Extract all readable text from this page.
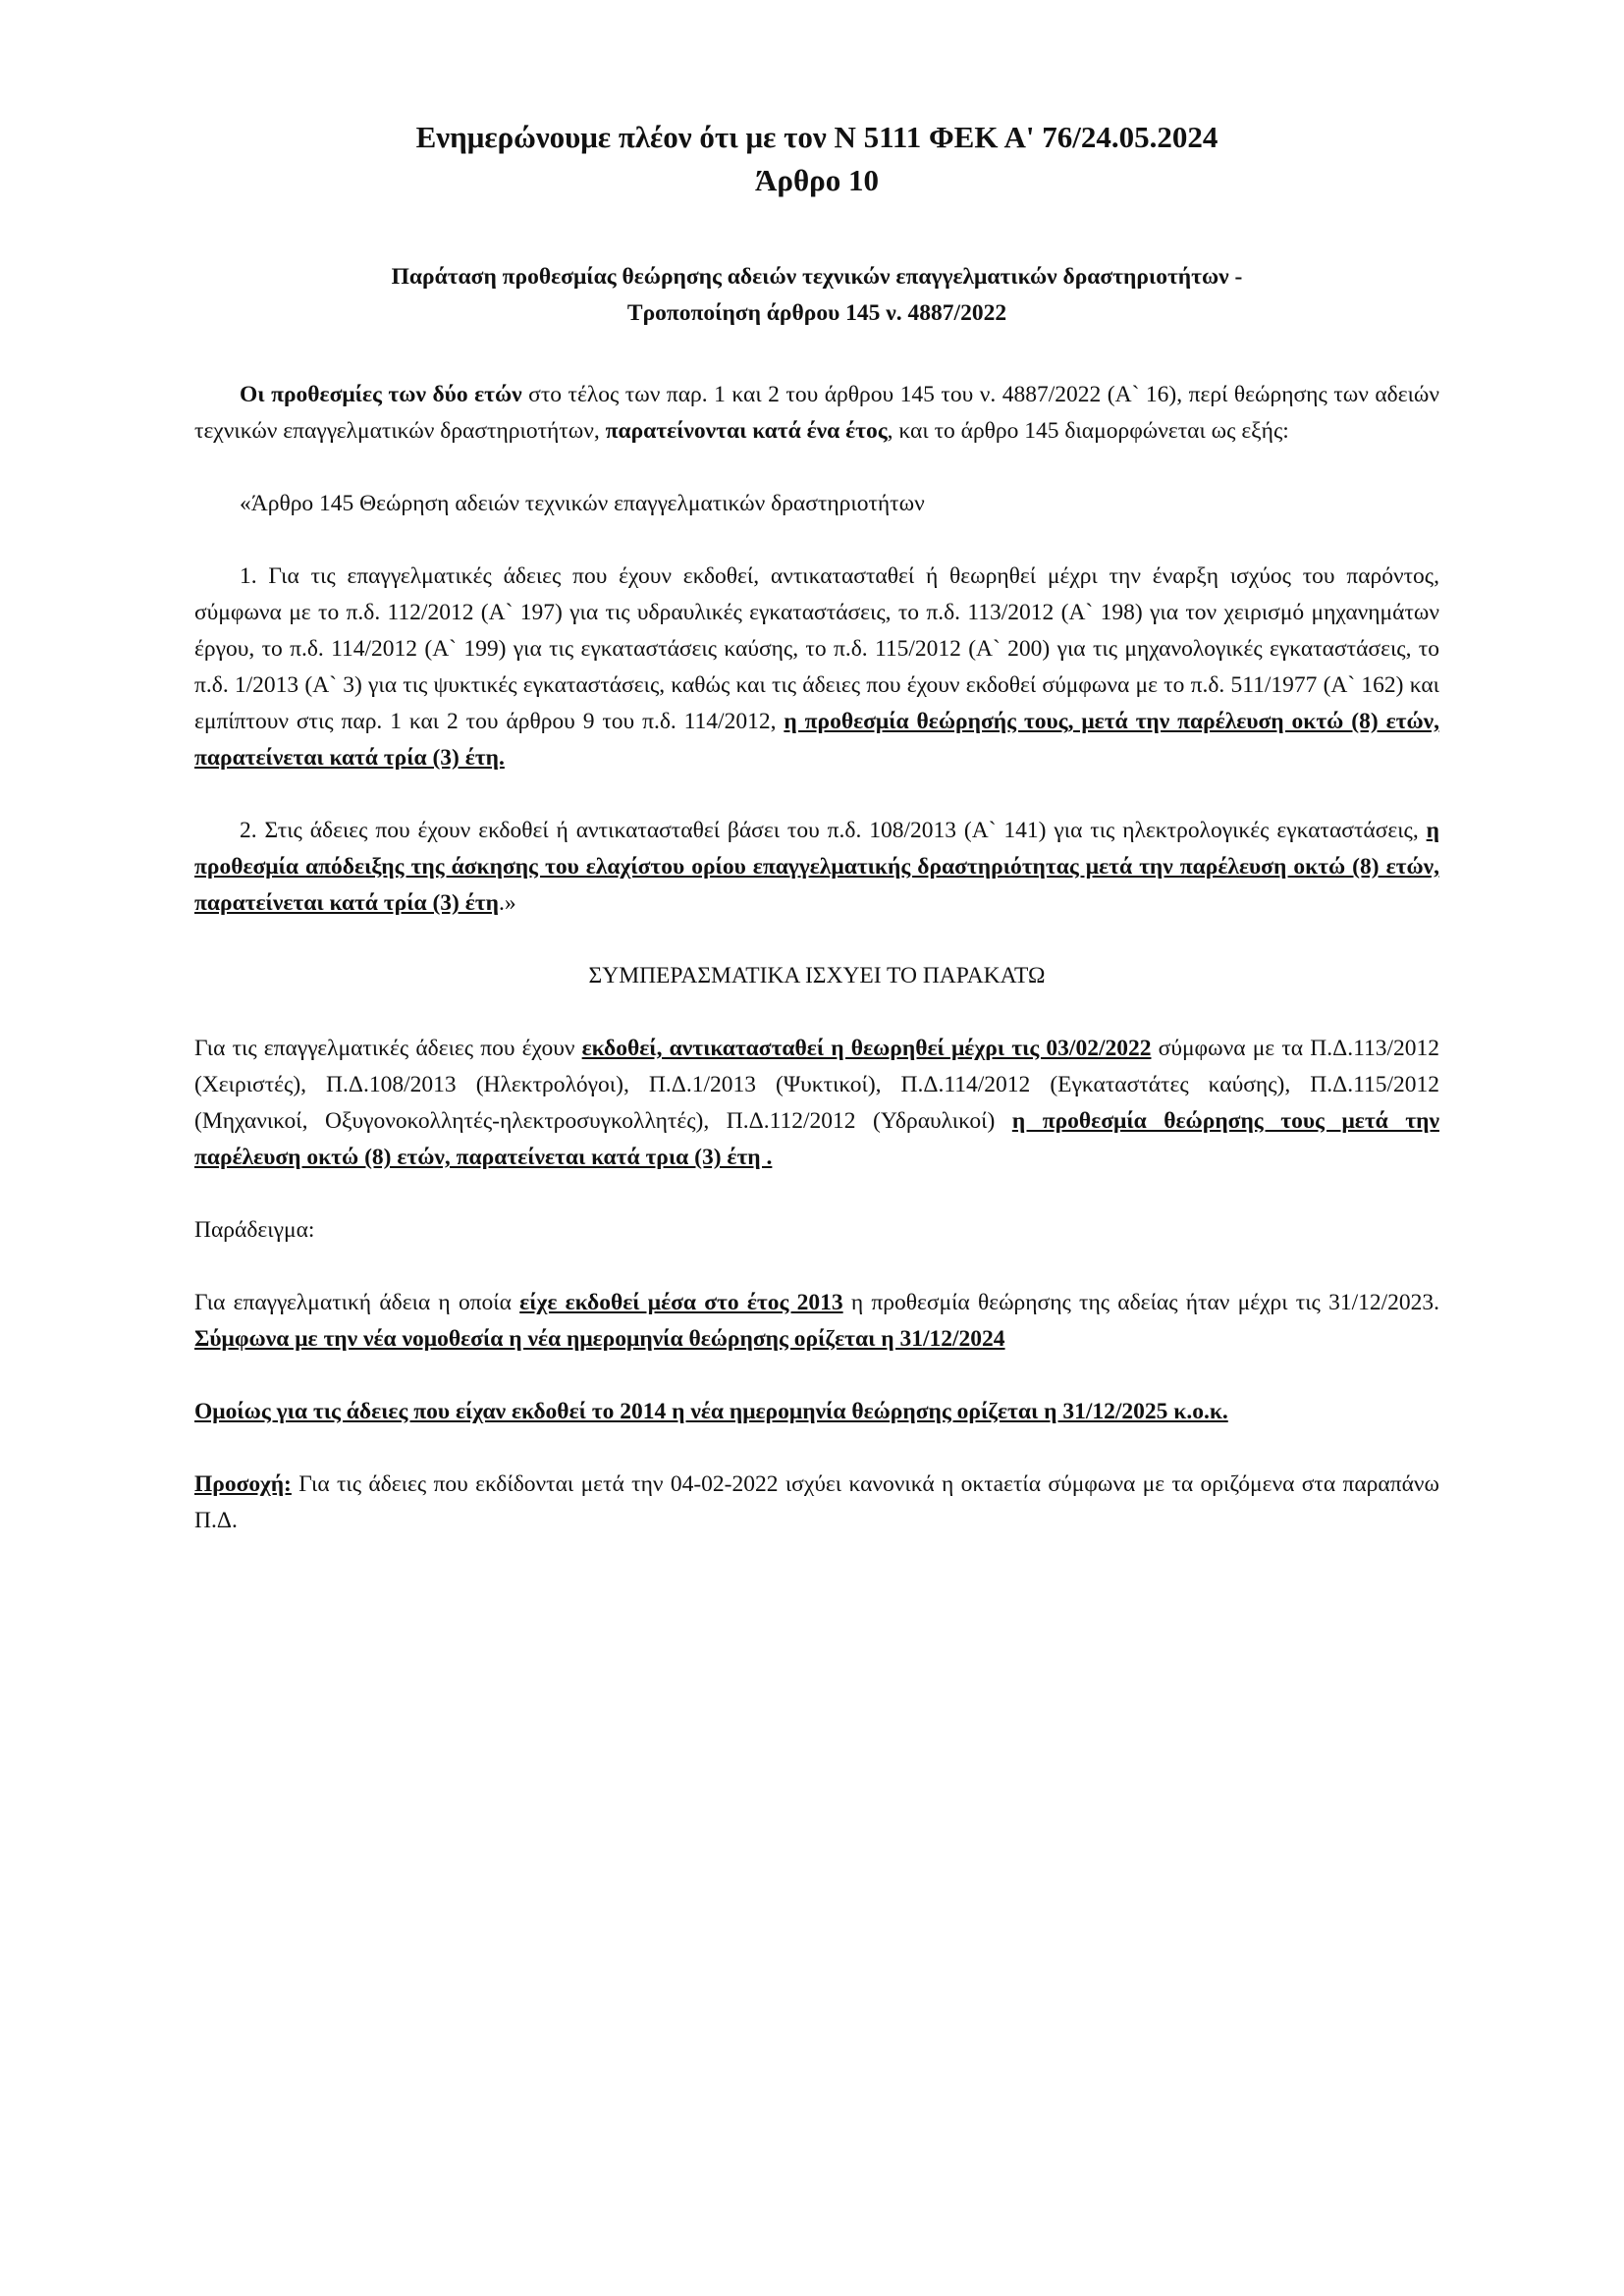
Ενημερώνουμε πλέον ότι με τον Ν 5111 ΦΕΚ Α' 76/24.05.2024
Άρθρο 10
Παράταση προθεσμίας θεώρησης αδειών τεχνικών επαγγελματικών δραστηριοτήτων -
Τροποποίηση άρθρου 145 ν. 4887/2022

Οι προθεσμίες των δύο ετών στο τέλος των παρ. 1 και 2 του άρθρου 145 του ν. 4887/2022 (Α` 16), περί θεώρησης των αδειών τεχνικών επαγγελματικών δραστηριοτήτων, παρατείνονται κατά ένα έτος, και το άρθρο 145 διαμορφώνεται ως εξής:

«Άρθρο 145 Θεώρηση αδειών τεχνικών επαγγελματικών δραστηριοτήτων

1. Για τις επαγγελματικές άδειες που έχουν εκδοθεί, αντικατασταθεί ή θεωρηθεί μέχρι την έναρξη ισχύος του παρόντος, σύμφωνα με το π.δ. 112/2012 (Α` 197) για τις υδραυλικές εγκαταστάσεις, το π.δ. 113/2012 (Α` 198) για τον χειρισμό μηχανημάτων έργου, το π.δ. 114/2012 (Α` 199) για τις εγκαταστάσεις καύσης, το π.δ. 115/2012 (Α` 200) για τις μηχανολογικές εγκαταστάσεις, το π.δ. 1/2013 (Α` 3) για τις ψυκτικές εγκαταστάσεις, καθώς και τις άδειες που έχουν εκδοθεί σύμφωνα με το π.δ. 511/1977 (Α` 162) και εμπίπτουν στις παρ. 1 και 2 του άρθρου 9 του π.δ. 114/2012, η προθεσμία θεώρησής τους, μετά την παρέλευση οκτώ (8) ετών, παρατείνεται κατά τρία (3) έτη.

2. Στις άδειες που έχουν εκδοθεί ή αντικατασταθεί βάσει του π.δ. 108/2013 (Α` 141) για τις ηλεκτρολογικές εγκαταστάσεις, η προθεσμία απόδειξης της άσκησης του ελαχίστου ορίου επαγγελματικής δραστηριότητας μετά την παρέλευση οκτώ (8) ετών, παρατείνεται κατά τρία (3) έτη.»

ΣΥΜΠΕΡΑΣΜΑΤΙΚΑ ΙΣΧΥΕΙ ΤΟ ΠΑΡΑΚΑΤΩ

Για τις επαγγελματικές άδειες που έχουν εκδοθεί, αντικατασταθεί η θεωρηθεί μέχρι τις 03/02/2022 σύμφωνα με τα Π.Δ.113/2012 (Χειριστές), Π.Δ.108/2013 (Ηλεκτρολόγοι), Π.Δ.1/2013 (Ψυκτικοί), Π.Δ.114/2012 (Εγκαταστάτες καύσης), Π.Δ.115/2012 (Μηχανικοί, Οξυγονοκολλητές-ηλεκτροσυγκολλητές), Π.Δ.112/2012 (Υδραυλικοί) η προθεσμία θεώρησης τους μετά την παρέλευση οκτώ (8) ετών, παρατείνεται κατά τρια (3) έτη .

Παράδειγμα:

Για επαγγελματική άδεια η οποία είχε εκδοθεί μέσα στο έτος 2013 η προθεσμία θεώρησης της αδείας ήταν μέχρι τις 31/12/2023. Σύμφωνα με την νέα νομοθεσία η νέα ημερομηνία θεώρησης ορίζεται η 31/12/2024

Ομοίως για τις άδειες που είχαν εκδοθεί το 2014 η νέα ημερομηνία θεώρησης ορίζεται η 31/12/2025 κ.ο.κ.

Προσοχή: Για τις άδειες που εκδίδονται μετά την 04-02-2022 ισχύει κανονικά η οκτaετία σύμφωνα με τα οριζόμενα στα παραπάνω Π.Δ.
